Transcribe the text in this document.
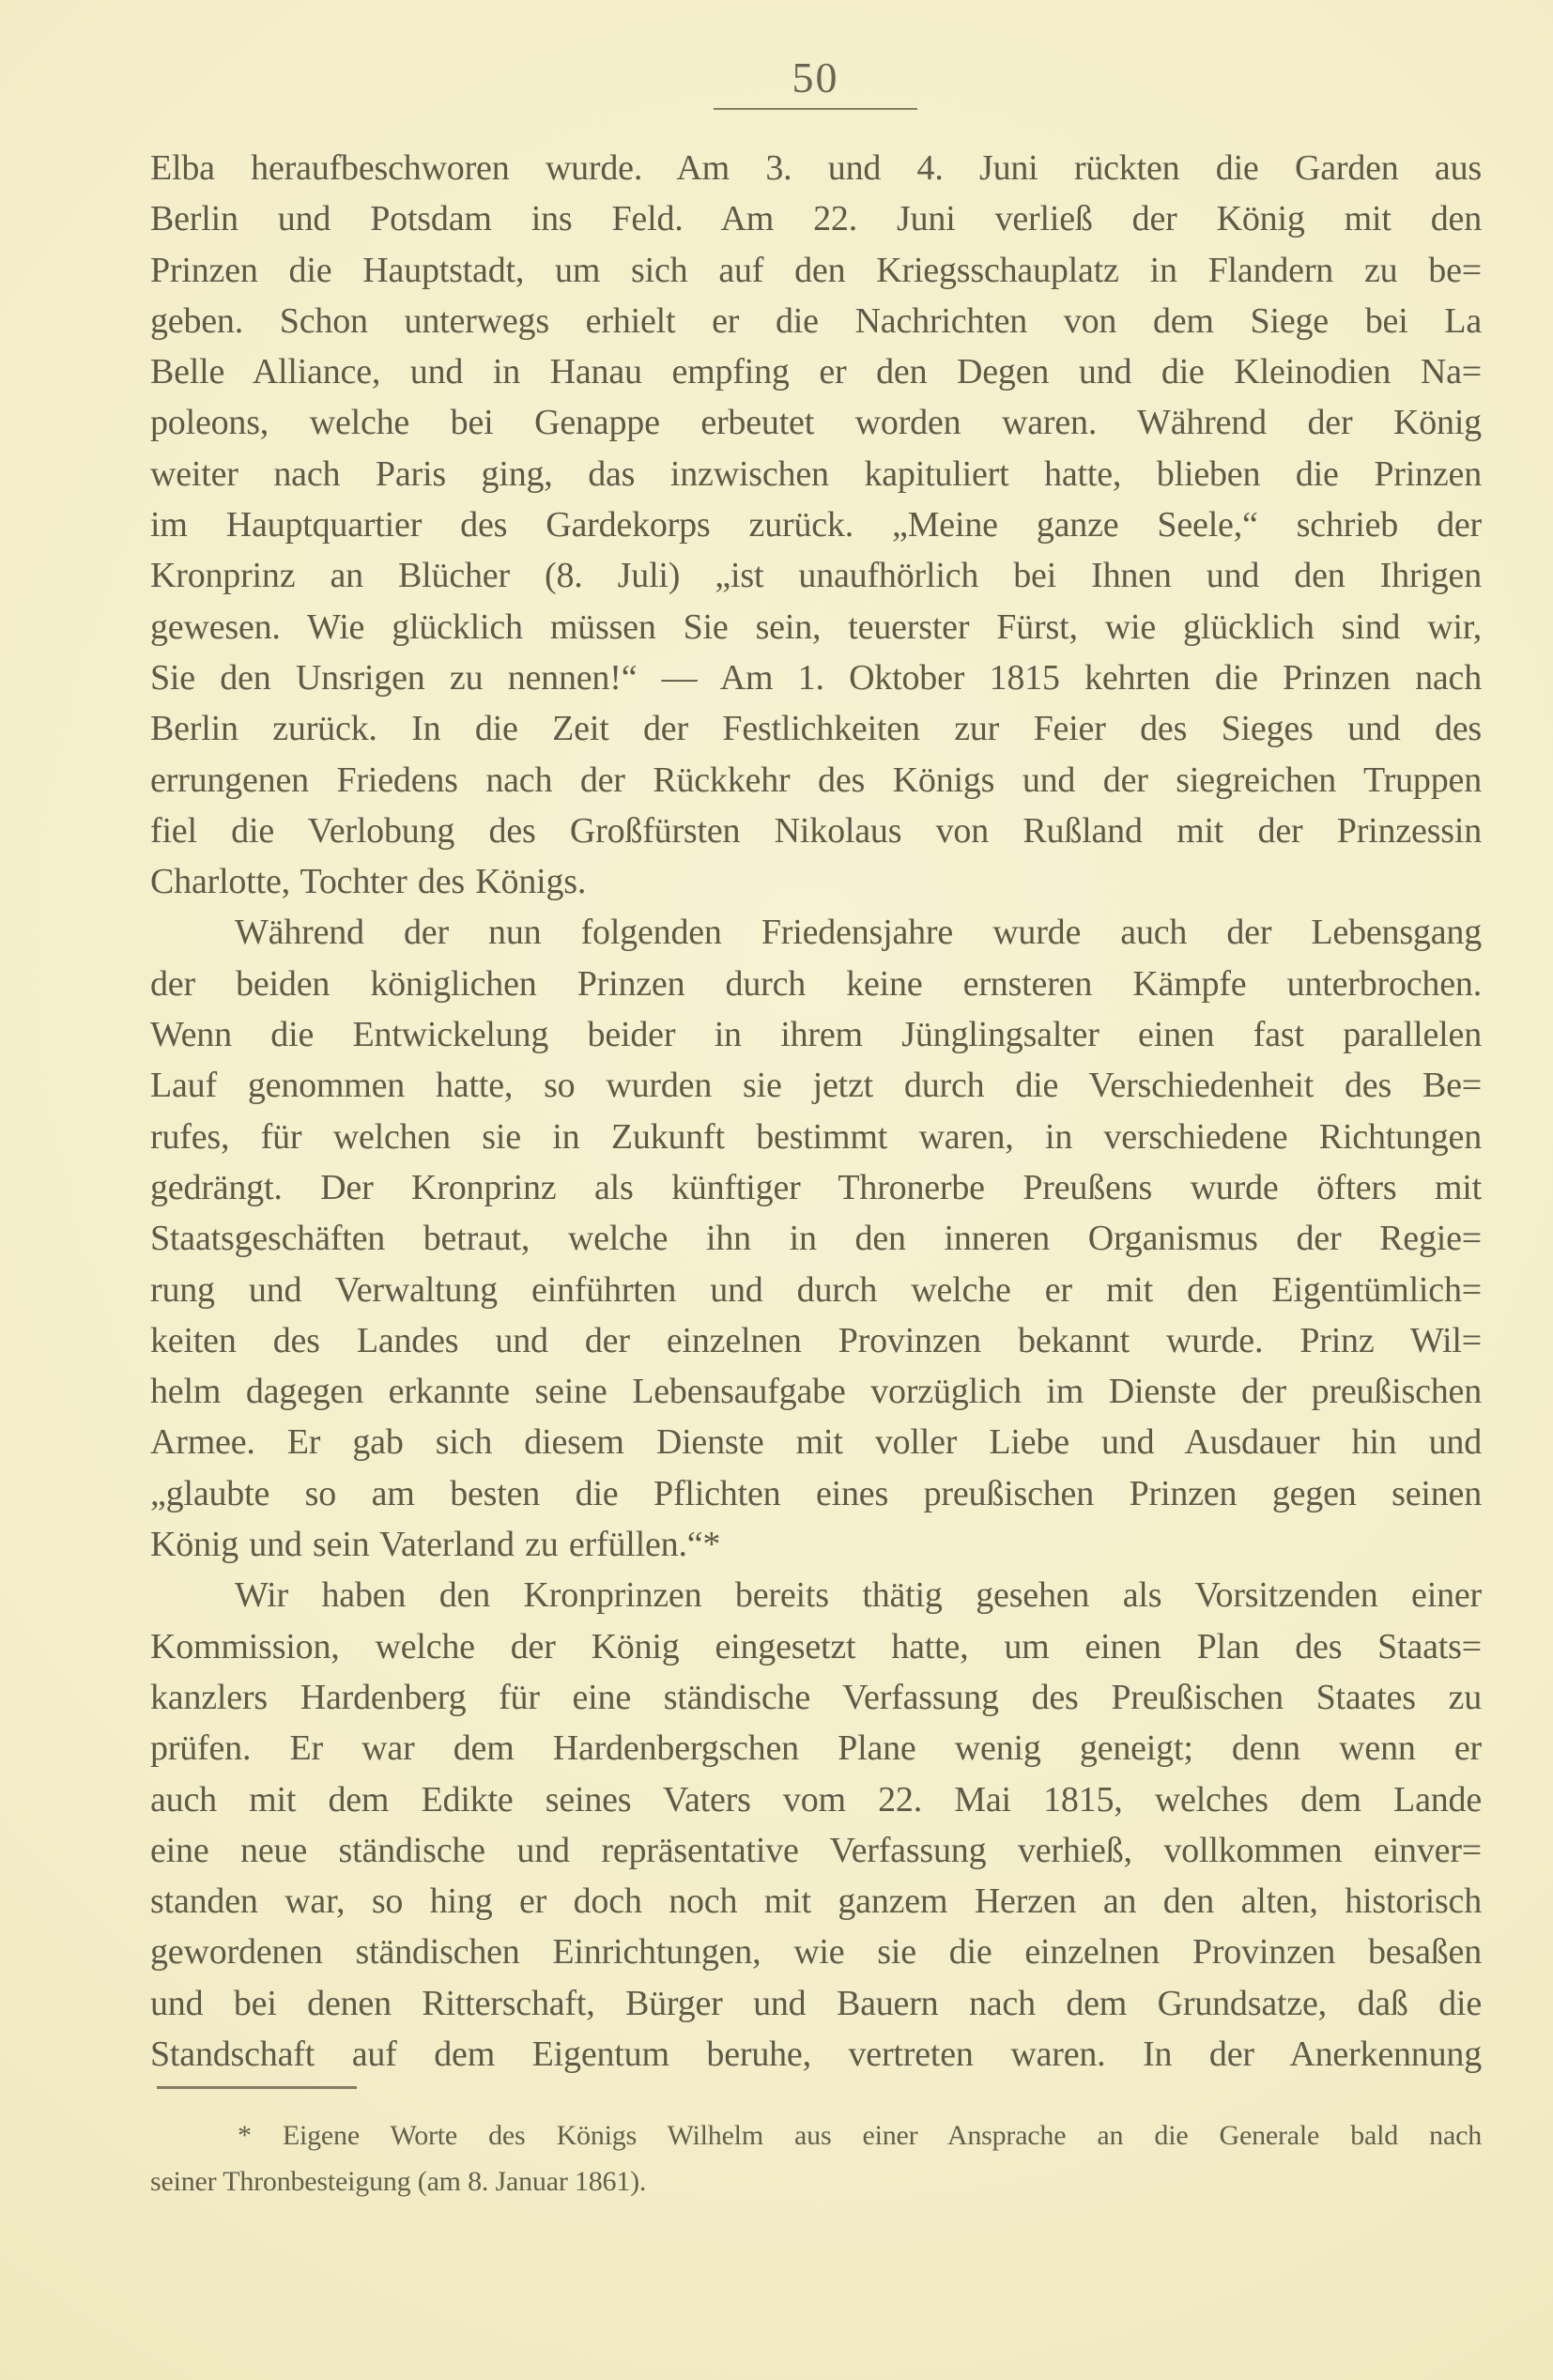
50
Elba heraufbeschworen wurde. Am 3. und 4. Juni rückten die Garden aus
Berlin und Potsdam ins Feld. Am 22. Juni verließ der König mit den
Prinzen die Hauptstadt, um sich auf den Kriegsschauplatz in Flandern zu be=
geben. Schon unterwegs erhielt er die Nachrichten von dem Siege bei La
Belle Alliance, und in Hanau empfing er den Degen und die Kleinodien Na=
poleons, welche bei Genappe erbeutet worden waren. Während der König
weiter nach Paris ging, das inzwischen kapituliert hatte, blieben die Prinzen
im Hauptquartier des Gardekorps zurück. „Meine ganze Seele,“ schrieb der
Kronprinz an Blücher (8. Juli) „ist unaufhörlich bei Ihnen und den Ihrigen
gewesen. Wie glücklich müssen Sie sein, teuerster Fürst, wie glücklich sind wir,
Sie den Unsrigen zu nennen!“ — Am 1. Oktober 1815 kehrten die Prinzen nach
Berlin zurück. In die Zeit der Festlichkeiten zur Feier des Sieges und des
errungenen Friedens nach der Rückkehr des Königs und der siegreichen Truppen
fiel die Verlobung des Großfürsten Nikolaus von Rußland mit der Prinzessin
Charlotte, Tochter des Königs.
Während der nun folgenden Friedensjahre wurde auch der Lebensgang
der beiden königlichen Prinzen durch keine ernsteren Kämpfe unterbrochen.
Wenn die Entwickelung beider in ihrem Jünglingsalter einen fast parallelen
Lauf genommen hatte, so wurden sie jetzt durch die Verschiedenheit des Be=
rufes, für welchen sie in Zukunft bestimmt waren, in verschiedene Richtungen
gedrängt. Der Kronprinz als künftiger Thronerbe Preußens wurde öfters mit
Staatsgeschäften betraut, welche ihn in den inneren Organismus der Regie=
rung und Verwaltung einführten und durch welche er mit den Eigentümlich=
keiten des Landes und der einzelnen Provinzen bekannt wurde. Prinz Wil=
helm dagegen erkannte seine Lebensaufgabe vorzüglich im Dienste der preußischen
Armee. Er gab sich diesem Dienste mit voller Liebe und Ausdauer hin und
„glaubte so am besten die Pflichten eines preußischen Prinzen gegen seinen
König und sein Vaterland zu erfüllen.“*
Wir haben den Kronprinzen bereits thätig gesehen als Vorsitzenden einer
Kommission, welche der König eingesetzt hatte, um einen Plan des Staats=
kanzlers Hardenberg für eine ständische Verfassung des Preußischen Staates zu
prüfen. Er war dem Hardenbergschen Plane wenig geneigt; denn wenn er
auch mit dem Edikte seines Vaters vom 22. Mai 1815, welches dem Lande
eine neue ständische und repräsentative Verfassung verhieß, vollkommen einver=
standen war, so hing er doch noch mit ganzem Herzen an den alten, historisch
gewordenen ständischen Einrichtungen, wie sie die einzelnen Provinzen besaßen
und bei denen Ritterschaft, Bürger und Bauern nach dem Grundsatze, daß die
Standschaft auf dem Eigentum beruhe, vertreten waren. In der Anerkennung
* Eigene Worte des Königs Wilhelm aus einer Ansprache an die Generale bald nach
seiner Thronbesteigung (am 8. Januar 1861).
